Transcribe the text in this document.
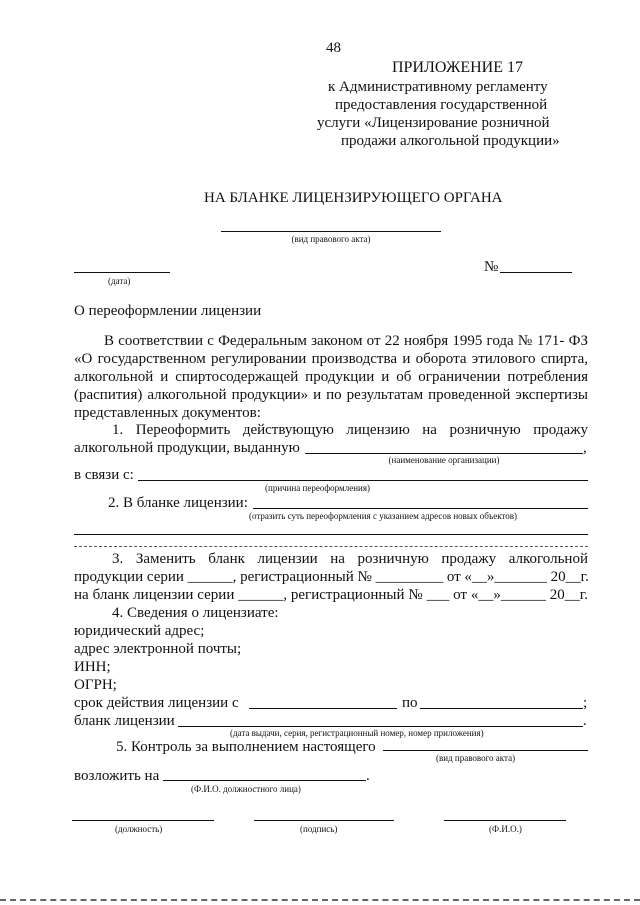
48
ПРИЛОЖЕНИЕ 17
к Административному регламенту
предоставления государственной
услуги «Лицензирование розничной
продажи алкогольной продукции»
НА БЛАНКЕ ЛИЦЕНЗИРУЮЩЕГО ОРГАНА
(вид правового акта)
(дата)
№
О переоформлении лицензии
В соответствии с Федеральным законом от 22 ноября 1995 года № 171- ФЗ
«О государственном регулировании производства и оборота этилового спирта,
алкогольной и спиртосодержащей продукции и об ограничении потребления
(распития) алкогольной продукции» и по результатам проведенной экспертизы
представленных документов:
1. Переоформить действующую лицензию на розничную продажу
алкогольной продукции, выданную	,
(наименование организации)
в связи с:
(причина переоформления)
2. В бланке лицензии:
(отразить суть переоформления с указанием адресов новых объектов)
3. Заменить бланк лицензии на розничную продажу алкогольной
продукции серии ______, регистрационный № _________ от «__»_______ 20__г.
на бланк лицензии серии ______, регистрационный № ___ от «__»______ 20__г.
4. Сведения о лицензиате:
юридический адрес;
адрес электронной почты;
ИНН;
ОГРН;
срок действия лицензии с	по	;
бланк лицензии	.
(дата выдачи, серия, регистрационный номер, номер приложения)
5. Контроль за выполнением настоящего
(вид правового акта)
возложить на	.
(Ф.И.О. должностного лица)
(должность)	(подпись)	(Ф.И.О.)
